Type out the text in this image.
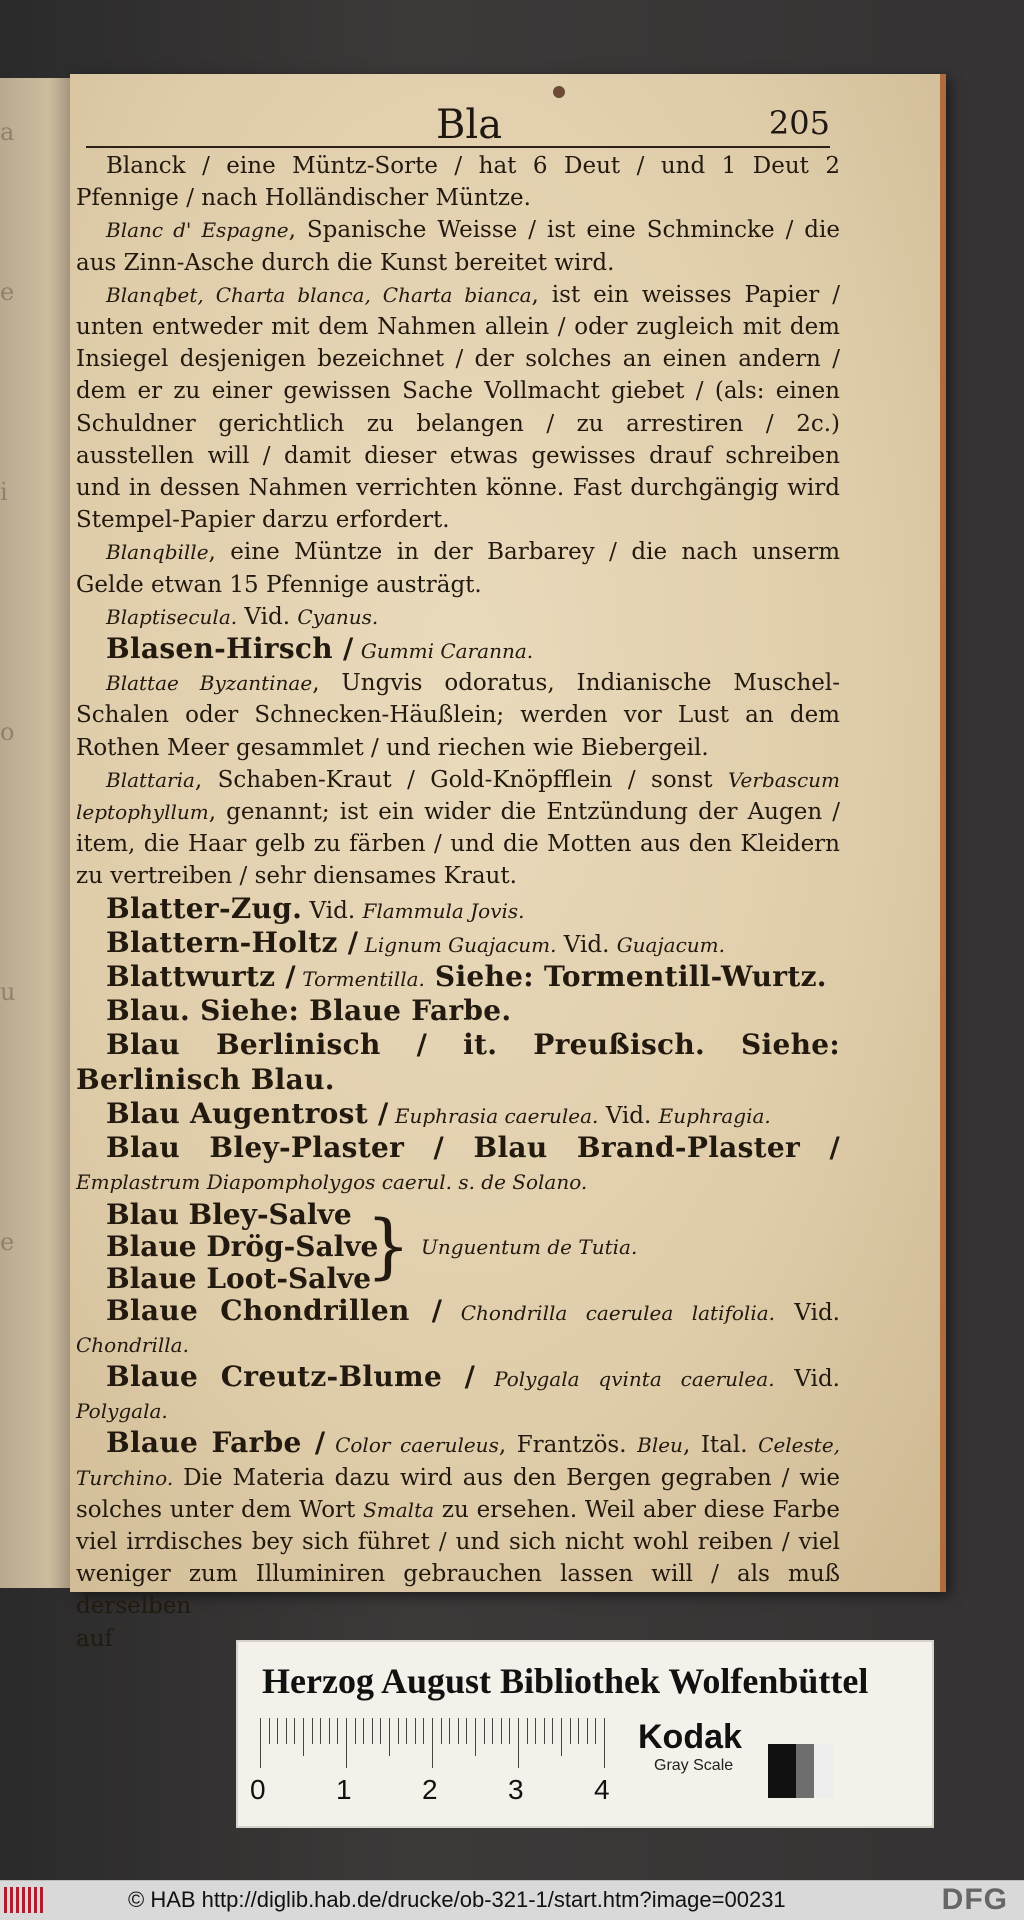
a
e
i
o
u
e
Bla	205

Blanck / eine Müntz-Sorte / hat 6 Deut / und 1 Deut 2 Pfennige / nach Holländischer Müntze.

Blanc d' Espagne, Spanische Weisse / ist eine Schmincke / die aus Zinn-Asche durch die Kunst bereitet wird.

Blanqbet, Charta blanca, Charta bianca, ist ein weisses Papier / unten entweder mit dem Nahmen allein / oder zugleich mit dem Insiegel desjenigen bezeichnet / der solches an einen andern / dem er zu einer gewissen Sache Vollmacht giebet / (als: einen Schuldner gerichtlich zu belangen / zu arrestiren / 2c.) ausstellen will / damit dieser etwas gewisses drauf schreiben und in dessen Nahmen verrichten könne. Fast durchgängig wird Stempel-Papier darzu erfordert.

Blanqbille, eine Müntze in der Barbarey / die nach unserm Gelde etwan 15 Pfennige austrägt.

Blaptisecula. Vid. Cyanus.

Blasen-Hirsch / Gummi Caranna.

Blattae Byzantinae, Ungvis odoratus, Indianische Muschel-Schalen oder Schnecken-Häußlein; werden vor Lust an dem Rothen Meer gesammlet / und riechen wie Biebergeil.

Blattaria, Schaben-Kraut / Gold-Knöpfflein / sonst Verbascum leptophyllum, genannt; ist ein wider die Entzündung der Augen / item, die Haar gelb zu färben / und die Motten aus den Kleidern zu vertreiben / sehr diensames Kraut.

Blatter-Zug. Vid. Flammula Jovis.

Blattern-Holtz / Lignum Guajacum. Vid. Guajacum.

Blattwurtz / Tormentilla. Siehe: Tormentill-Wurtz.

Blau. Siehe: Blaue Farbe.

Blau Berlinisch / it. Preußisch. Siehe: Berlinisch Blau.

Blau Augentrost / Euphrasia caerulea. Vid. Euphragia.

Blau Bley-Plaster / Blau Brand-Plaster / Emplastrum Diapompholygos caerul. s. de Solano.

Blau Bley-Salve
Blaue Drög-Salve
Blaue Loot-Salve
} Unguentum de Tutia.

Blaue Chondrillen / Chondrilla caerulea latifolia. Vid. Chondrilla.

Blaue Creutz-Blume / Polygala qvinta caerulea. Vid. Polygala.

Blaue Farbe / Color caeruleus, Frantzös. Bleu, Ital. Celeste, Turchino. Die Materia dazu wird aus den Bergen gegraben / wie solches unter dem Wort Smalta zu ersehen. Weil aber diese Farbe viel irrdisches bey sich führet / und sich nicht wohl reiben / viel weniger zum Illuminiren gebrauchen lassen will / als muß derselben

auf

Herzog August Bibliothek Wolfenbüttel
0	1	2	3	4
Kodak
Gray Scale
© HAB http://diglib.hab.de/drucke/ob-321-1/start.htm?image=00231	DFG
